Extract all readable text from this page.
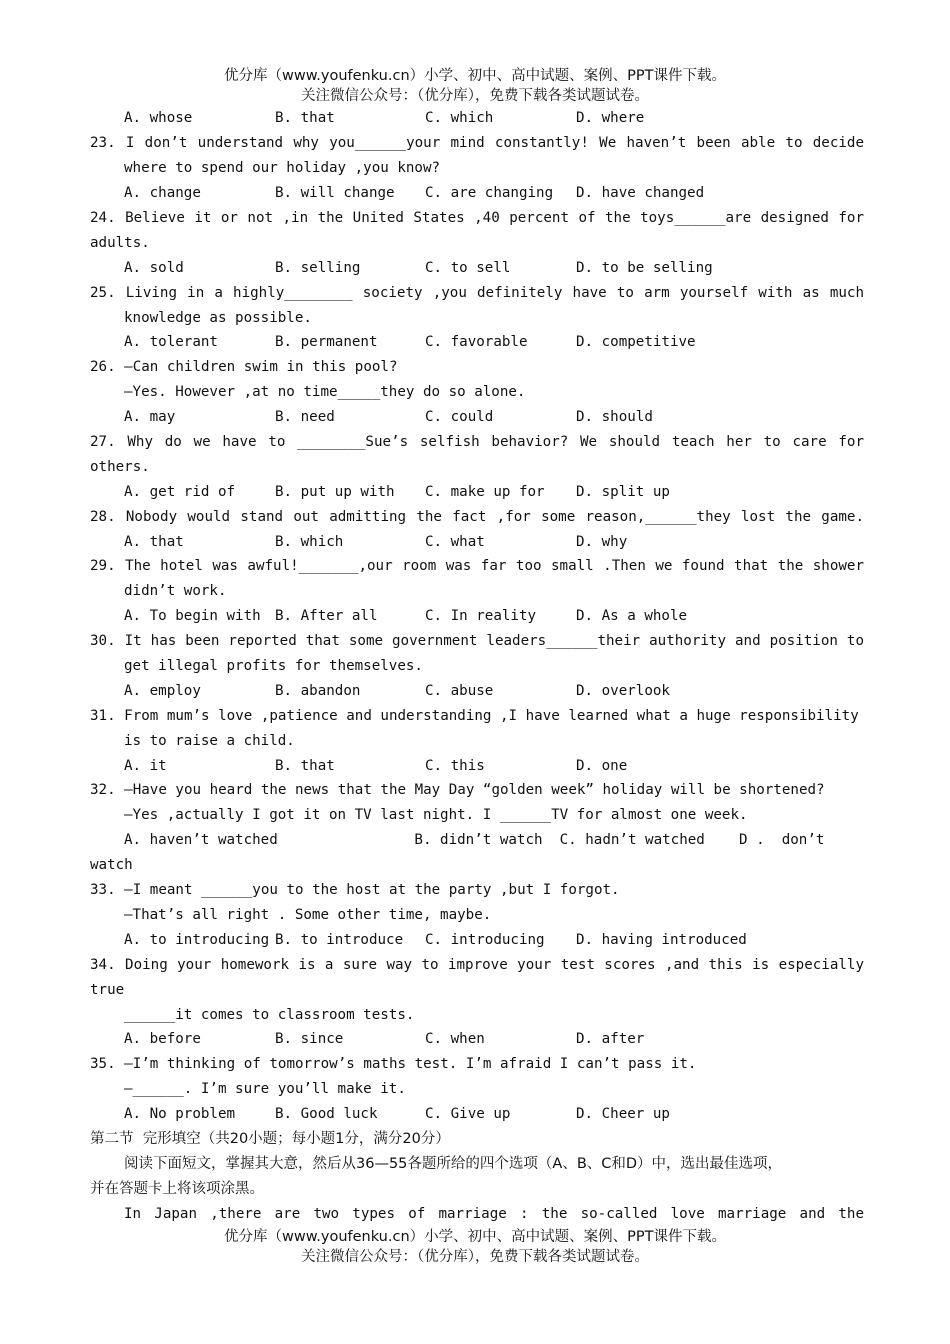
优分库（www.youfenku.cn）小学、初中、高中试题、案例、PPT课件下载。
关注微信公众号：（优分库），免费下载各类试题试卷。

A. whose

	B. that

	C. which

	D. where

23. I don’t understand why you______your mind constantly! We haven’t been able to decide
where to spend our holiday ,you know?

A. change

	B. will change

C. are changing

D. have changed

24. Believe it or not ,in the United States ,40 percent of the toys______are designed for
adults.

A. sold

	B. selling

	C. to sell

	D. to be selling

25. Living in a highly________ society ,you definitely have to arm yourself with as much
knowledge as possible.

A. tolerant

	B. permanent

	C. favorable

	D. competitive

26. —Can children swim in this pool?
—Yes. However ,at no time_____they do so alone.

A. may

	B. need

	C. could

	D. should

27. Why do we have to ________Sue’s selfish behavior? We should teach her to care for
others.

A. get rid of

	B. put up with

C. make up for

D. split up

28. Nobody would stand out admitting the fact ,for some reason,______they lost the game.

A. that

	B. which

	C. what

	D. why

29. The hotel was awful!_______,our room was far too small .Then we found that the shower
didn’t work.

A. To begin with

B. After all

	C. In reality

	D. As a whole

30. It has been reported that some government leaders______their authority and position to
get illegal profits for themselves.

A. employ

	B. abandon

	C. abuse

	D. overlook

31. From mum’s love ,patience and understanding ,I have learned what a huge responsibility
is to raise a child.

A. it

	B. that

	C. this

	D. one

32. —Have you heard the news that the May Day “golden week” holiday will be shortened?
—Yes ,actually I got it on TV last night. I ______TV for almost one week.
A. haven’t watched                B. didn’t watch  C. hadn’t watched    D .  don’t
watch
33. —I meant ______you to the host at the party ,but I forgot.
—That’s all right . Some other time, maybe.

A. to introducing

B. to introduce

C. introducing

D. having introduced

34. Doing your homework is a sure way to improve your test scores ,and this is especially
true
______it comes to classroom tests.

A. before

	B. since

	C. when

	D. after

35. —I’m thinking of tomorrow’s maths test. I’m afraid I can’t pass it.
—______. I’m sure you’ll make it.

A. No problem

	B. Good luck

	C. Give up

	D. Cheer up

第二节  完形填空（共20小题；每小题1分，满分20分）
阅读下面短文，掌握其大意，然后从36—55各题所给的四个选项（A、B、C和D）中，选出最佳选项，
并在答题卡上将该项涂黑。
In Japan ,there are two types of marriage : the so-called love marriage and the
优分库（www.youfenku.cn）小学、初中、高中试题、案例、PPT课件下载。
关注微信公众号：（优分库），免费下载各类试题试卷。
